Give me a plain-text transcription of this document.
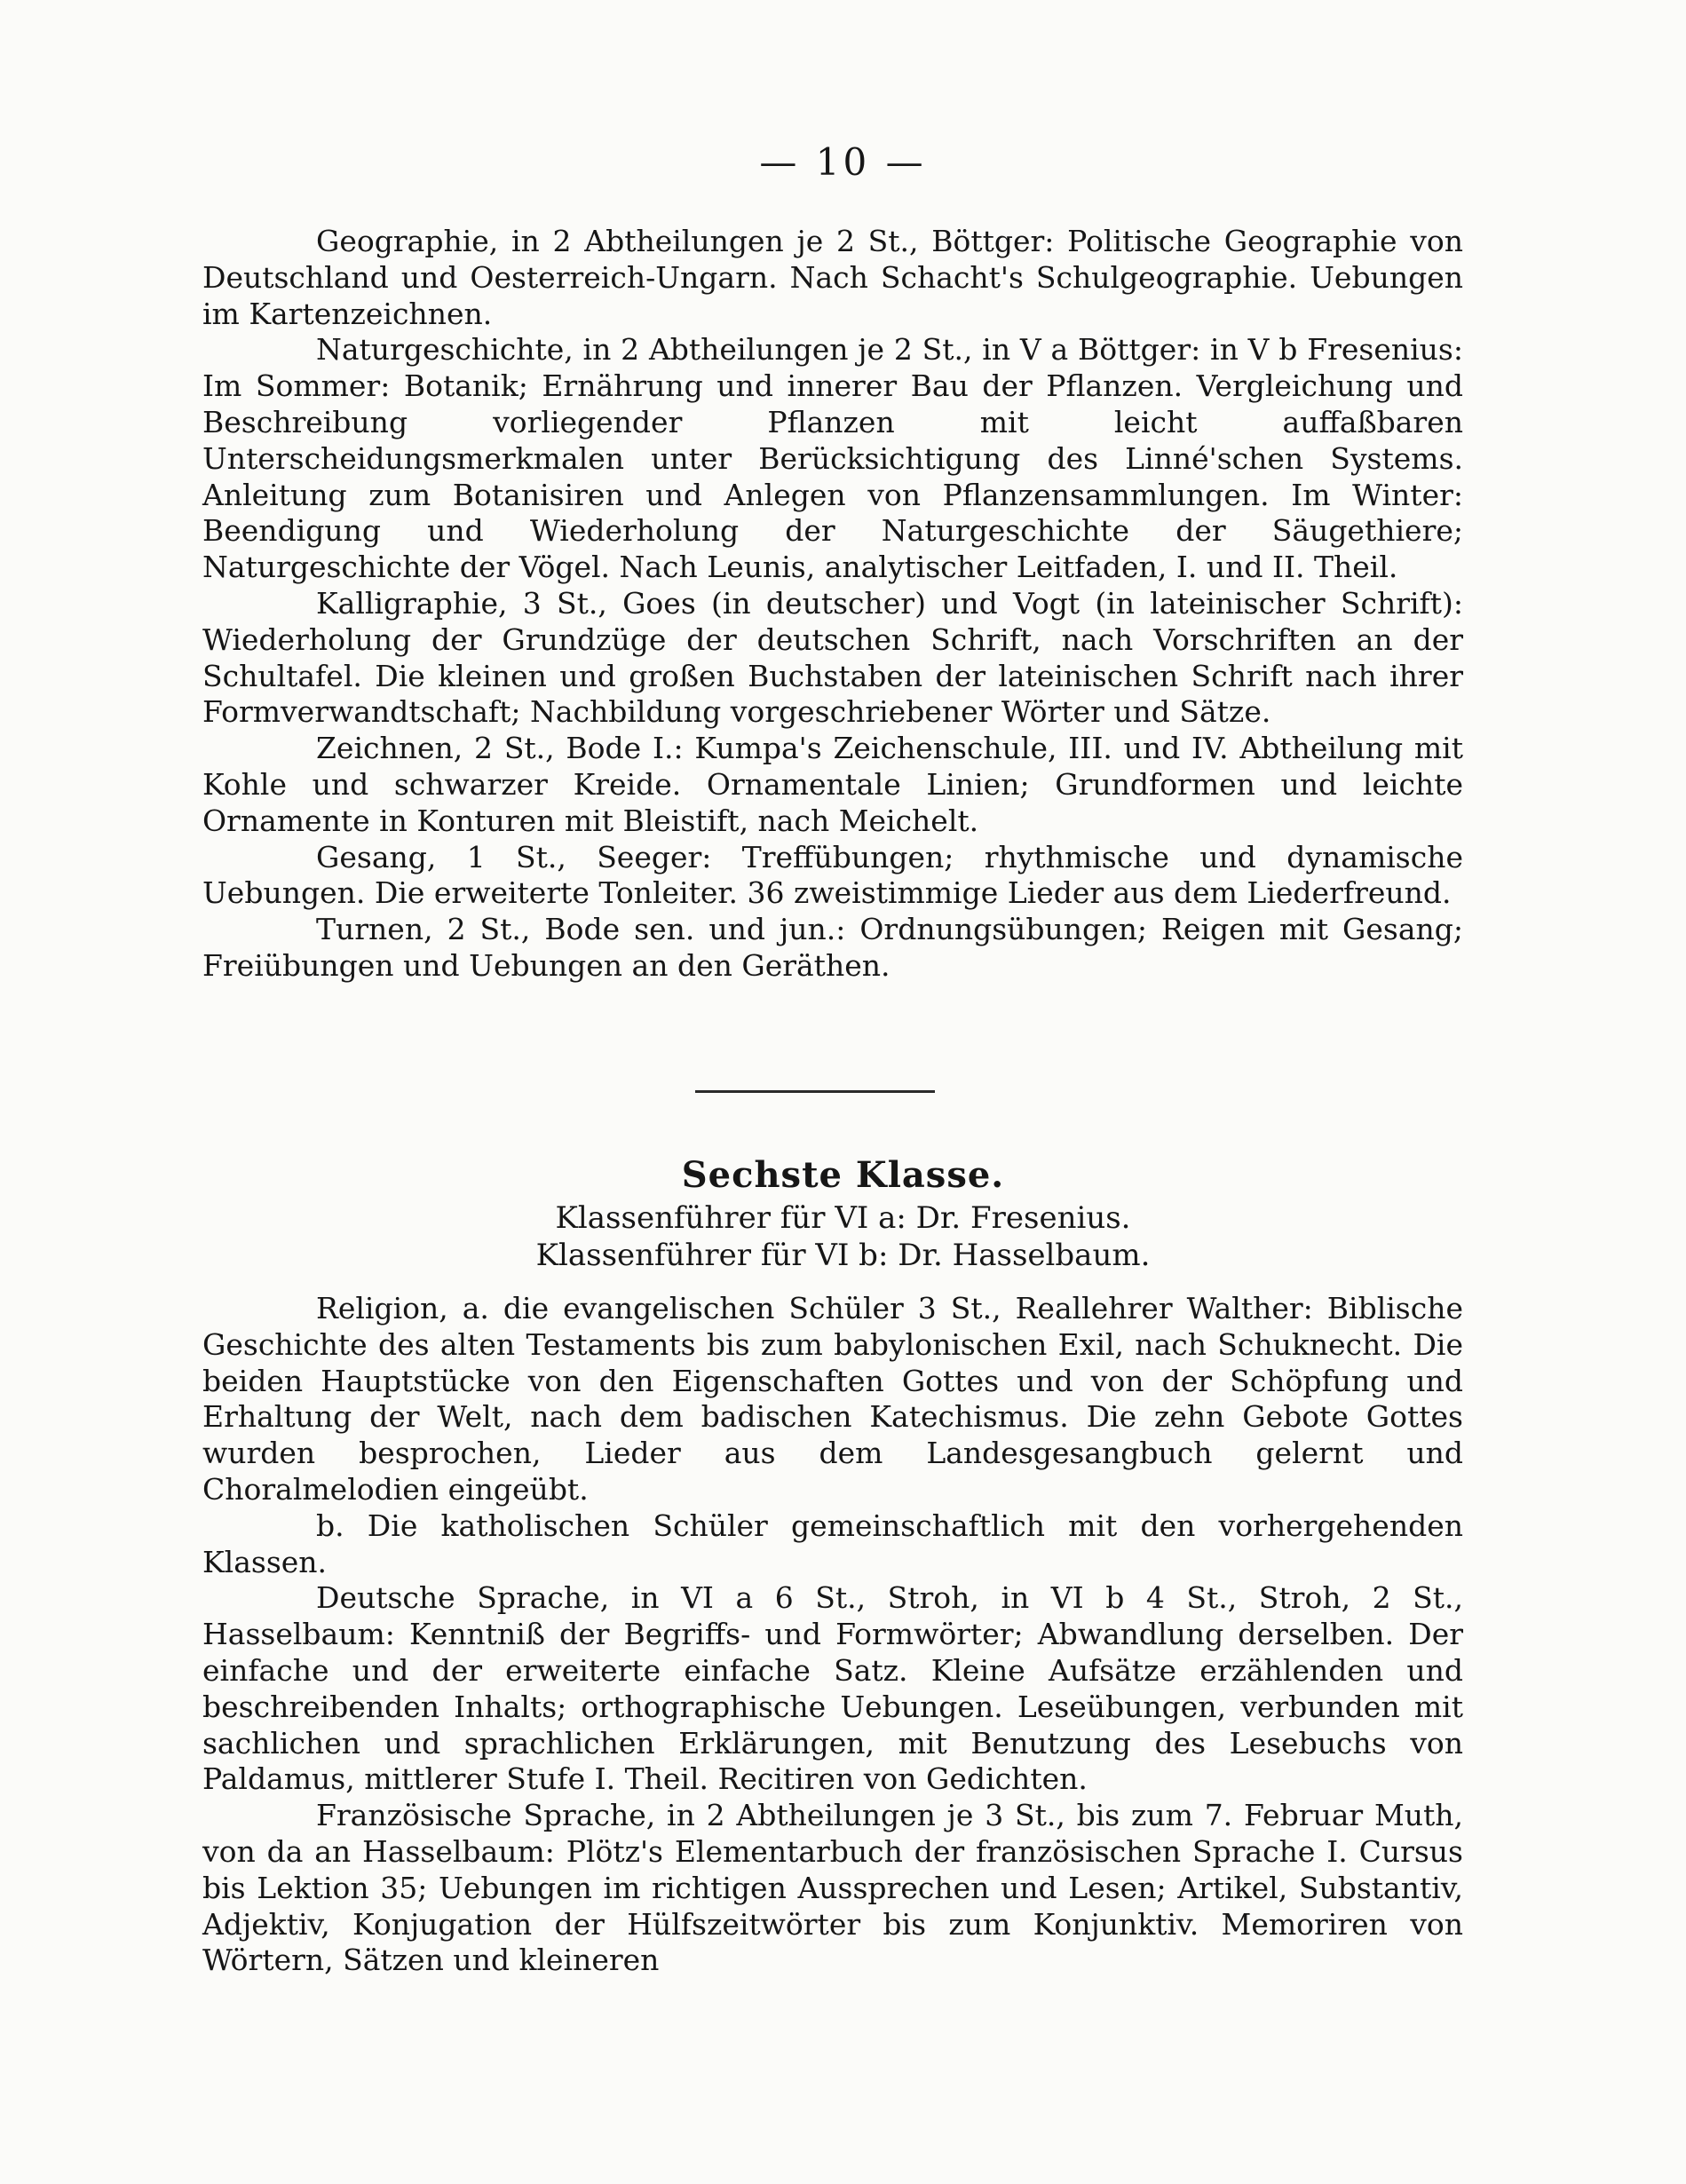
— 10 —

Geographie, in 2 Abtheilungen je 2 St., Böttger: Politische Geographie von Deutschland und Oesterreich-Ungarn. Nach Schacht's Schulgeographie. Uebungen im Kartenzeichnen.

Naturgeschichte, in 2 Abtheilungen je 2 St., in V a Böttger: in V b Fresenius: Im Sommer: Botanik; Ernährung und innerer Bau der Pflanzen. Vergleichung und Beschreibung vorliegender Pflanzen mit leicht auffaßbaren Unterscheidungsmerkmalen unter Berücksichtigung des Linné'schen Systems. Anleitung zum Botanisiren und Anlegen von Pflanzensammlungen. Im Winter: Beendigung und Wiederholung der Naturgeschichte der Säugethiere; Naturgeschichte der Vögel. Nach Leunis, analytischer Leitfaden, I. und II. Theil.

Kalligraphie, 3 St., Goes (in deutscher) und Vogt (in lateinischer Schrift): Wiederholung der Grundzüge der deutschen Schrift, nach Vorschriften an der Schultafel. Die kleinen und großen Buchstaben der lateinischen Schrift nach ihrer Formverwandtschaft; Nachbildung vorgeschriebener Wörter und Sätze.

Zeichnen, 2 St., Bode I.: Kumpa's Zeichenschule, III. und IV. Abtheilung mit Kohle und schwarzer Kreide. Ornamentale Linien; Grundformen und leichte Ornamente in Konturen mit Bleistift, nach Meichelt.

Gesang, 1 St., Seeger: Treffübungen; rhythmische und dynamische Uebungen. Die erweiterte Tonleiter. 36 zweistimmige Lieder aus dem Liederfreund.

Turnen, 2 St., Bode sen. und jun.: Ordnungsübungen; Reigen mit Gesang; Freiübungen und Uebungen an den Geräthen.

Sechste Klasse.
Klassenführer für VI a: Dr. Fresenius.
Klassenführer für VI b: Dr. Hasselbaum.

Religion, a. die evangelischen Schüler 3 St., Reallehrer Walther: Biblische Geschichte des alten Testaments bis zum babylonischen Exil, nach Schuknecht. Die beiden Hauptstücke von den Eigenschaften Gottes und von der Schöpfung und Erhaltung der Welt, nach dem badischen Katechismus. Die zehn Gebote Gottes wurden besprochen, Lieder aus dem Landesgesangbuch gelernt und Choralmelodien eingeübt.

b. Die katholischen Schüler gemeinschaftlich mit den vorhergehenden Klassen.

Deutsche Sprache, in VI a 6 St., Stroh, in VI b 4 St., Stroh, 2 St., Hasselbaum: Kenntniß der Begriffs- und Formwörter; Abwandlung derselben. Der einfache und der erweiterte einfache Satz. Kleine Aufsätze erzählenden und beschreibenden Inhalts; orthographische Uebungen. Leseübungen, verbunden mit sachlichen und sprachlichen Erklärungen, mit Benutzung des Lesebuchs von Paldamus, mittlerer Stufe I. Theil. Recitiren von Gedichten.

Französische Sprache, in 2 Abtheilungen je 3 St., bis zum 7. Februar Muth, von da an Hasselbaum: Plötz's Elementarbuch der französischen Sprache I. Cursus bis Lektion 35; Uebungen im richtigen Aussprechen und Lesen; Artikel, Substantiv, Adjektiv, Konjugation der Hülfszeitwörter bis zum Konjunktiv. Memoriren von Wörtern, Sätzen und kleineren
